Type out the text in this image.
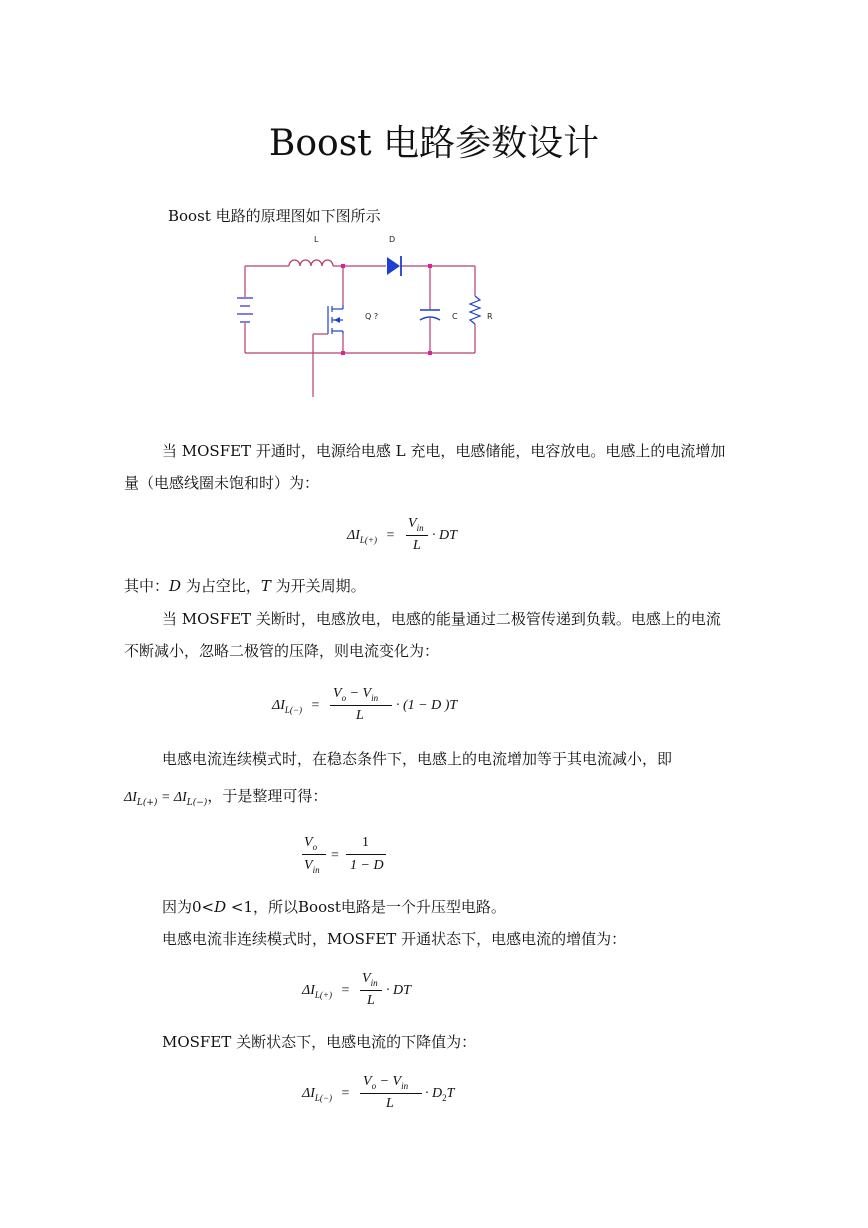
Boost 电路参数设计
Boost 电路的原理图如下图所示
L	D
Q ?	C	R
当 MOSFET 开通时，电源给电感 L 充电，电感储能，电容放电。电感上的电流增加
量（电感线圈未饱和时）为：
$\Delta I_{L(+)}$ =
$V_{in}$
L
· DT
其中：D 为占空比，T 为开关周期。
当 MOSFET 关断时，电感放电，电感的能量通过二极管传递到负载。电感上的电流
不断减小，忽略二极管的压降，则电流变化为：
$\Delta I_{L(-)}$ =
$V_o - V_{in}$
L
· (1 − D )T
电感电流连续模式时，在稳态条件下，电感上的电流增加等于其电流减小，即
$\Delta I_{L(+)} = \Delta I_{L(-)}$，于是整理可得：
$V_o$
$V_{in}$
=
1
1 − D
因为0<D <1，所以Boost电路是一个升压型电路。
电感电流非连续模式时，MOSFET 开通状态下，电感电流的增值为：
$\Delta I_{L(+)}$ =
$V_{in}$
L
· DT
MOSFET 关断状态下，电感电流的下降值为：
$\Delta I_{L(-)}$ =
$V_o - V_{in}$
L
· $D_2T$
